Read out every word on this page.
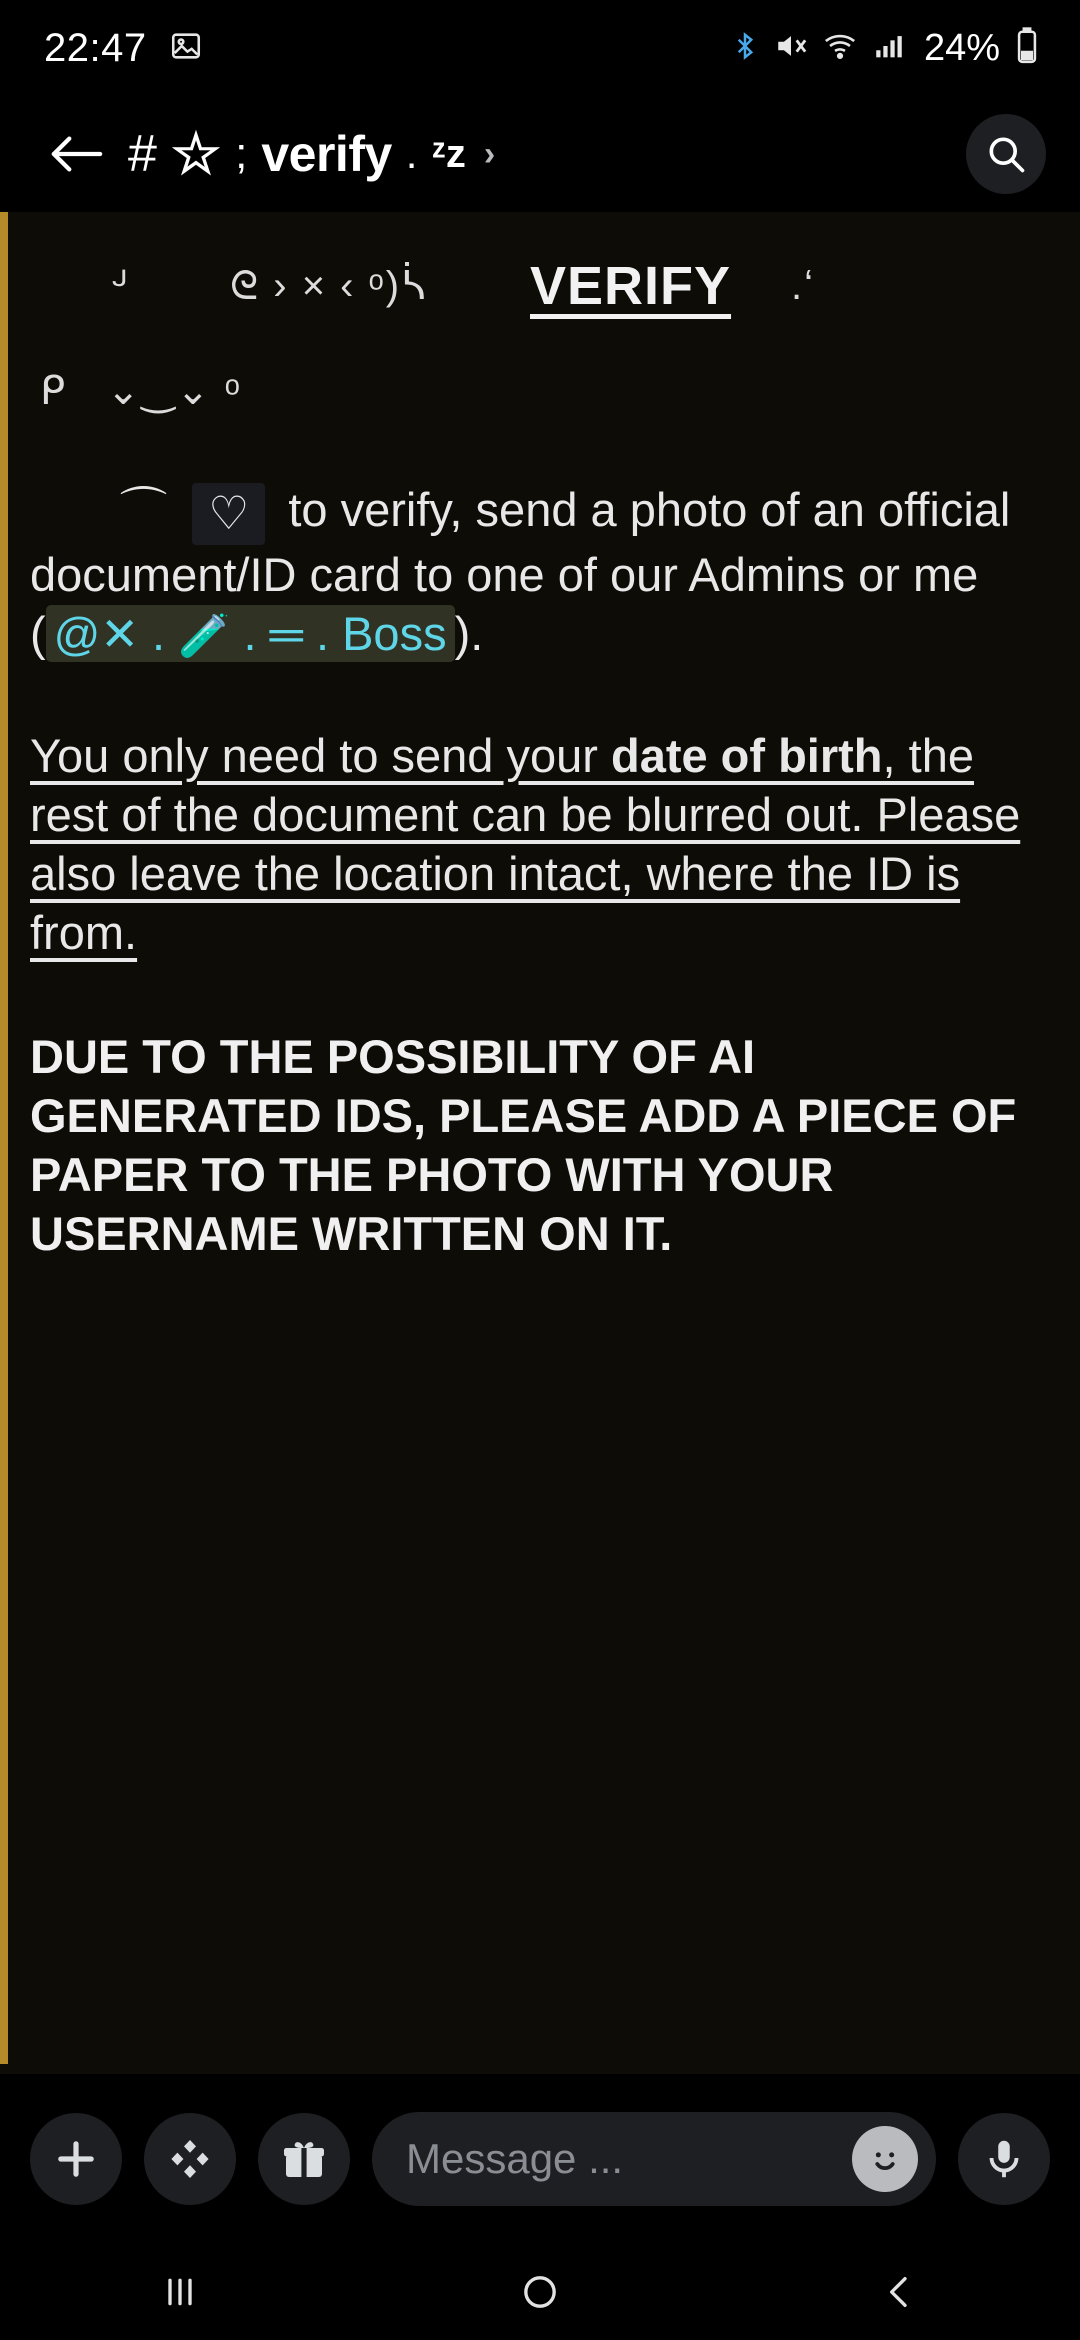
22:47	24%
# ☆ ; verify . ᶻz ›
ᒢ	ᘓ › × ‹ ᵒ)ᓵ	VERIFY .ʻ
ᑭ   ⌄‿⌄ ᵒ
⌒ ♡ to verify, send a photo of an official document/ID card to one of our Admins or me ( @✕ . 🧪 . ═ . Boss ).
You only need to send your date of birth, the rest of the document can be blurred out. Please also leave the location intact, where the ID is from.
DUE TO THE POSSIBILITY OF AI GENERATED IDS, PLEASE ADD A PIECE OF PAPER TO THE PHOTO WITH YOUR USERNAME WRITTEN ON IT.
Message ...
